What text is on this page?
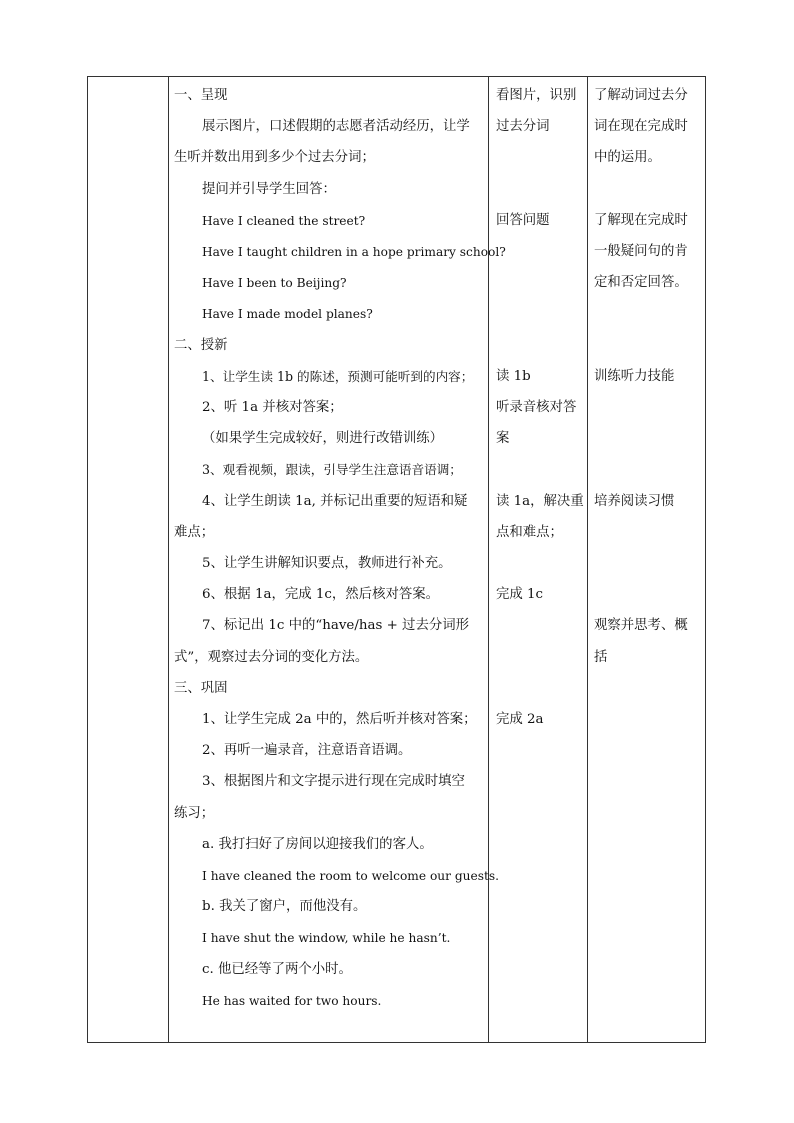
一、呈现
展示图片，口述假期的志愿者活动经历，让学
生听并数出用到多少个过去分词；
提问并引导学生回答：
Have I cleaned the street?
Have I taught children in a hope primary school?
Have I been to Beijing?
Have I made model planes?
二、授新
1、让学生读 1b 的陈述，预测可能听到的内容；
2、听 1a 并核对答案；
（如果学生完成较好，则进行改错训练）
3、观看视频，跟读，引导学生注意语音语调；
4、让学生朗读 1a, 并标记出重要的短语和疑
难点；
5、让学生讲解知识要点，教师进行补充。
6、根据 1a，完成 1c，然后核对答案。
7、标记出 1c 中的“have/has + 过去分词形
式”，观察过去分词的变化方法。
三、巩固
1、让学生完成 2a 中的，然后听并核对答案；
2、再听一遍录音，注意语音语调。
3、根据图片和文字提示进行现在完成时填空
练习；
a. 我打扫好了房间以迎接我们的客人。
I have cleaned the room to welcome our guests.
b. 我关了窗户，而他没有。
I have shut the window, while he hasn’t.
c. 他已经等了两个小时。
He has waited for two hours.
看图片，识别
过去分词
回答问题
读 1b
听录音核对答
案
读 1a，解决重
点和难点；
完成 1c
完成 2a
了解动词过去分
词在现在完成时
中的运用。
了解现在完成时
一般疑问句的肯
定和否定回答。
训练听力技能
培养阅读习惯
观察并思考、概
括
